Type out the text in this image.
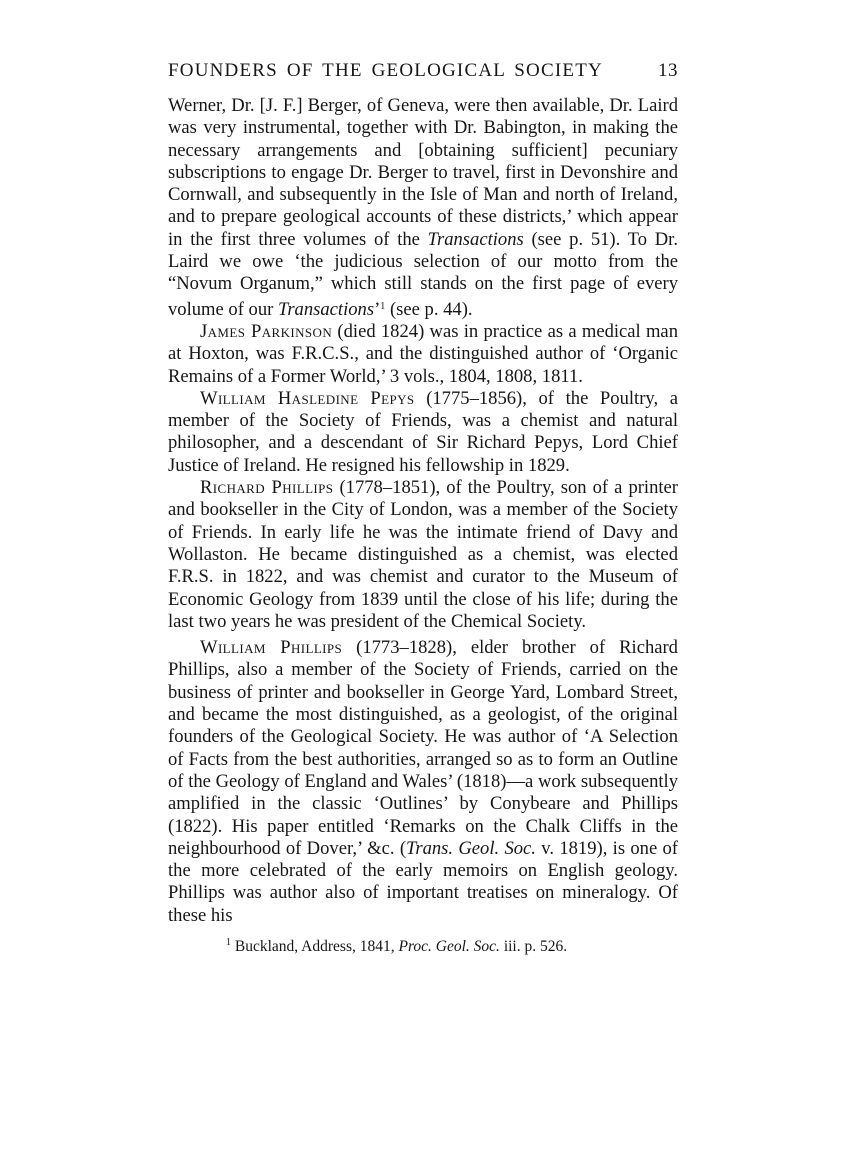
FOUNDERS OF THE GEOLOGICAL SOCIETY	13

Werner, Dr. [J. F.] Berger, of Geneva, were then available, Dr. Laird was very instrumental, together with Dr. Babington, in making the necessary arrangements and [obtaining sufficient] pecuniary subscriptions to engage Dr. Berger to travel, first in Devonshire and Cornwall, and subsequently in the Isle of Man and north of Ireland, and to prepare geological accounts of these districts,’ which appear in the first three volumes of the Transactions (see p. 51). To Dr. Laird we owe ‘the judicious selection of our motto from the “Novum Organum,” which still stands on the first page of every volume of our Transactions’$^1$ (see p. 44).

James Parkinson (died 1824) was in practice as a medical man at Hoxton, was F.R.C.S., and the distinguished author of ‘Organic Remains of a Former World,’ 3 vols., 1804, 1808, 1811.

William Hasledine Pepys (1775–1856), of the Poultry, a member of the Society of Friends, was a chemist and natural philosopher, and a descendant of Sir Richard Pepys, Lord Chief Justice of Ireland. He resigned his fellowship in 1829.

Richard Phillips (1778–1851), of the Poultry, son of a printer and bookseller in the City of London, was a member of the Society of Friends. In early life he was the intimate friend of Davy and Wollaston. He became distinguished as a chemist, was elected F.R.S. in 1822, and was chemist and curator to the Museum of Economic Geology from 1839 until the close of his life; during the last two years he was president of the Chemical Society.

William Phillips (1773–1828), elder brother of Richard Phillips, also a member of the Society of Friends, carried on the business of printer and bookseller in George Yard, Lombard Street, and became the most distinguished, as a geologist, of the original founders of the Geological Society. He was author of ‘A Selection of Facts from the best authorities, arranged so as to form an Outline of the Geology of England and Wales’ (1818)—a work subsequently amplified in the classic ‘Outlines’ by Conybeare and Phillips (1822). His paper entitled ‘Remarks on the Chalk Cliffs in the neighbourhood of Dover,’ &c. (Trans. Geol. Soc. v. 1819), is one of the more celebrated of the early memoirs on English geology. Phillips was author also of important treatises on mineralogy. Of these his

$^1$ Buckland, Address, 1841, Proc. Geol. Soc. iii. p. 526.
